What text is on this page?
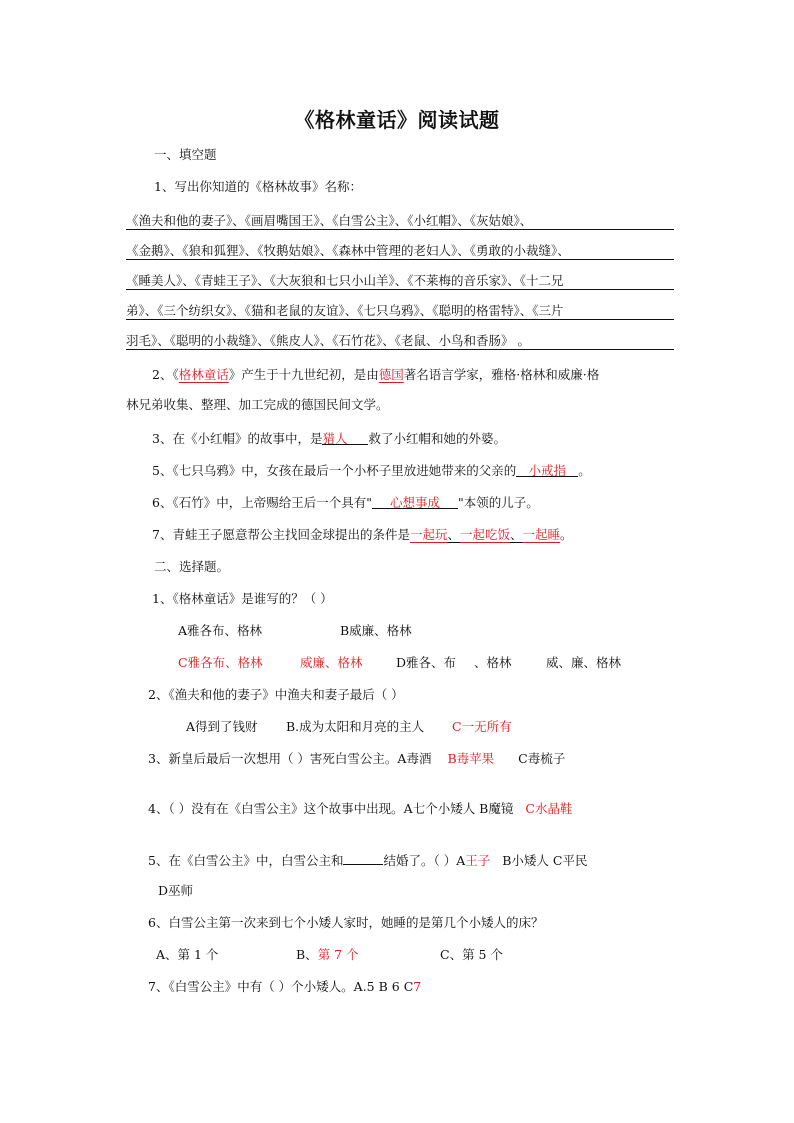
《格林童话》阅读试题
一、填空题
1、写出你知道的《格林故事》名称：
《渔夫和他的妻子》、《画眉嘴国王》、《白雪公主》、《小红帽》、《灰姑娘》、
《金鹅》、《狼和狐狸》、《牧鹅姑娘》、《森林中管理的老妇人》、《勇敢的小裁缝》、
《睡美人》、《青蛙王子》、《大灰狼和七只小山羊》、《不莱梅的音乐家》、《十二兄
弟》、《三个纺织女》、《猫和老鼠的友谊》、《七只乌鸦》、《聪明的格雷特》、《三片
羽毛》、《聪明的小裁缝》、《熊皮人》、《石竹花》、《老鼠、小鸟和香肠》 。
2、《格林童话》产生于十九世纪初，是由德国著名语言学家，雅格·格林和威廉·格
林兄弟收集、整理、加工完成的德国民间文学。
3、在《小红帽》的故事中，是猎人 救了小红帽和她的外婆。
5、《七只乌鸦》中，女孩在最后一个小杯子里放进她带来的父亲的 小戒指 。
6、《石竹》中，上帝赐给王后一个具有" 心想事成 "本领的儿子。
7、青蛙王子愿意帮公主找回金球提出的条件是一起玩、一起吃饭、一起睡。
二、选择题。
1、《格林童话》是谁写的？（ ）
A雅各布、格林	B威廉、格林
C雅各布、格林	威廉、格林	D雅各、布 、格林	威、廉、格林
2、《渔夫和他的妻子》中渔夫和妻子最后（ ）
A得到了钱财 B.成为太阳和月亮的主人 C一无所有
3、新皇后最后一次想用（ ）害死白雪公主。A毒酒 B毒苹果 C毒梳子
4、（ ）没有在《白雪公主》这个故事中出现。A七个小矮人 B魔镜 C水晶鞋
5、在《白雪公主》中，白雪公主和	结婚了。（ ）A王子 B小矮人 C平民
D巫师
6、白雪公主第一次来到七个小矮人家时，她睡的是第几个小矮人的床？
A、第 1 个	B、第 7 个	C、第 5 个
7、《白雪公主》中有（ ）个小矮人。A.5 B 6 C7
